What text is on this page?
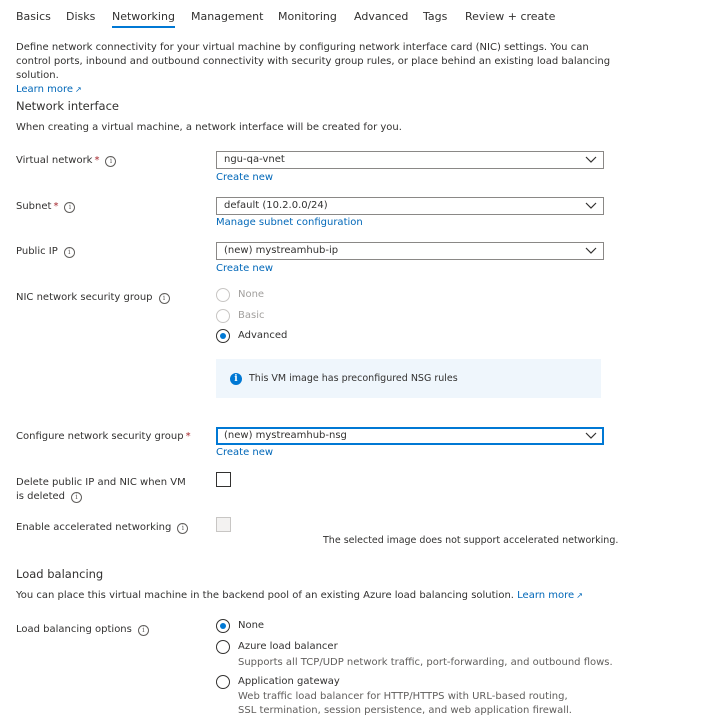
Basics Disks Networking Management Monitoring Advanced Tags Review + create
Define network connectivity for your virtual machine by configuring network interface card (NIC) settings. You can control ports, inbound and outbound connectivity with security group rules, or place behind an existing load balancing solution.
Learn more ↗
Network interface
When creating a virtual machine, a network interface will be created for you.
Virtual network * i	ngu-qa-vnet
Create new
Subnet * i	default (10.2.0.0/24)
Manage subnet configuration
Public IP i	(new) mystreamhub-ip
Create new
NIC network security group i	None
Basic
Advanced
i	This VM image has preconfigured NSG rules
Configure network security group *	(new) mystreamhub-nsg
Create new
Delete public IP and NIC when VM is deleted i
Enable accelerated networking i
The selected image does not support accelerated networking.
Load balancing
You can place this virtual machine in the backend pool of an existing Azure load balancing solution. Learn more ↗
Load balancing options i	None
Azure load balancer
Supports all TCP/UDP network traffic, port-forwarding, and outbound flows.
Application gateway
Web traffic load balancer for HTTP/HTTPS with URL-based routing, SSL termination, session persistence, and web application firewall.
